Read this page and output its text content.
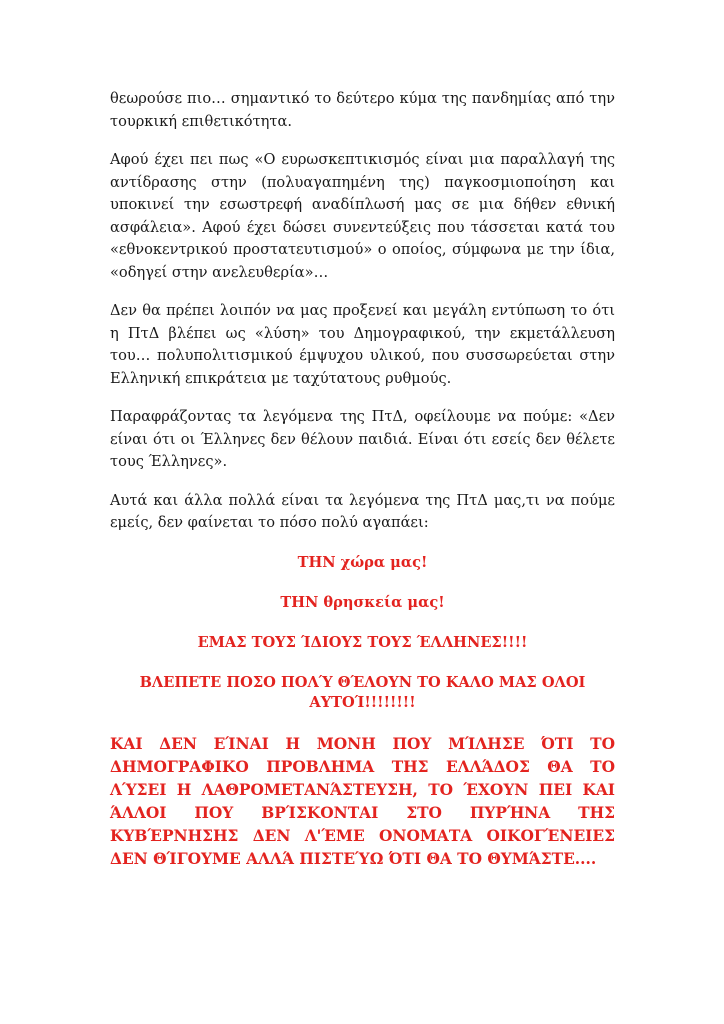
θεωρούσε πιο… σημαντικό το δεύτερο κύμα της πανδημίας από την τουρκική επιθετικότητα.

Αφού έχει πει πως «Ο ευρωσκεπτικισμός είναι μια παραλλαγή της αντίδρασης στην (πολυαγαπημένη της) παγκοσμιοποίηση και υποκινεί την εσωστρεφή αναδίπλωσή μας σε μια δήθεν εθνική ασφάλεια». Αφού έχει δώσει συνεντεύξεις που τάσσεται κατά του «εθνοκεντρικού προστατευτισμού» ο οποίος, σύμφωνα με την ίδια, «οδηγεί στην ανελευθερία»…

Δεν θα πρέπει λοιπόν να μας προξενεί και μεγάλη εντύπωση το ότι η ΠτΔ βλέπει ως «λύση» του Δημογραφικού, την εκμετάλλευση του… πολυπολιτισμικού έμψυχου υλικού, που συσσωρεύεται στην Ελληνική επικράτεια με ταχύτατους ρυθμούς.

Παραφράζοντας τα λεγόμενα της ΠτΔ, οφείλουμε να πούμε: «Δεν είναι ότι οι Έλληνες δεν θέλουν παιδιά. Είναι ότι εσείς δεν θέλετε τους Έλληνες».

Αυτά και άλλα πολλά είναι τα λεγόμενα της ΠτΔ μας,τι να πούμε εμείς, δεν φαίνεται το πόσο πολύ αγαπάει:

ΤΗΝ χώρα μας!

ΤΗΝ θρησκεία μας!

ΕΜΑΣ ΤΟΥΣ ΊΔΙΟΥΣ ΤΟΥΣ ΈΛΛΗΝΕΣ!!!!

ΒΛΕΠΕΤΕ ΠΟΣΟ ΠΟΛΎ ΘΈΛΟΥΝ ΤΟ ΚΑΛΟ ΜΑΣ ΟΛΟΙ ΑΥΤΟΊ!!!!!!!!

ΚΑΙ ΔΕΝ ΕΊΝΑΙ Η ΜΟΝΗ ΠΟΥ ΜΊΛΗΣΕ ΌΤΙ ΤΟ ΔΗΜΟΓΡΑΦΙΚΟ ΠΡΟΒΛΗΜΑ ΤΗΣ ΕΛΛΆΔΟΣ ΘΑ ΤΟ ΛΎΣΕΙ Η ΛΑΘΡΟΜΕΤΑΝΆΣΤΕΥΣΗ, ΤΟ ΈΧΟΥΝ ΠΕΙ ΚΑΙ ΆΛΛΟΙ ΠΟΥ ΒΡΊΣΚΟΝΤΑΙ ΣΤΟ ΠΥΡΉΝΑ ΤΗΣ ΚΥΒΈΡΝΗΣΗΣ ΔΕΝ Λ'ΈΜΕ ΟΝΟΜΑΤΑ ΟΙΚΟΓΈΝΕΙΕΣ ΔΕΝ ΘΊΓΟΥΜΕ ΑΛΛΆ ΠΙΣΤΕΎΩ ΌΤΙ ΘΑ ΤΟ ΘΥΜΆΣΤΕ....
